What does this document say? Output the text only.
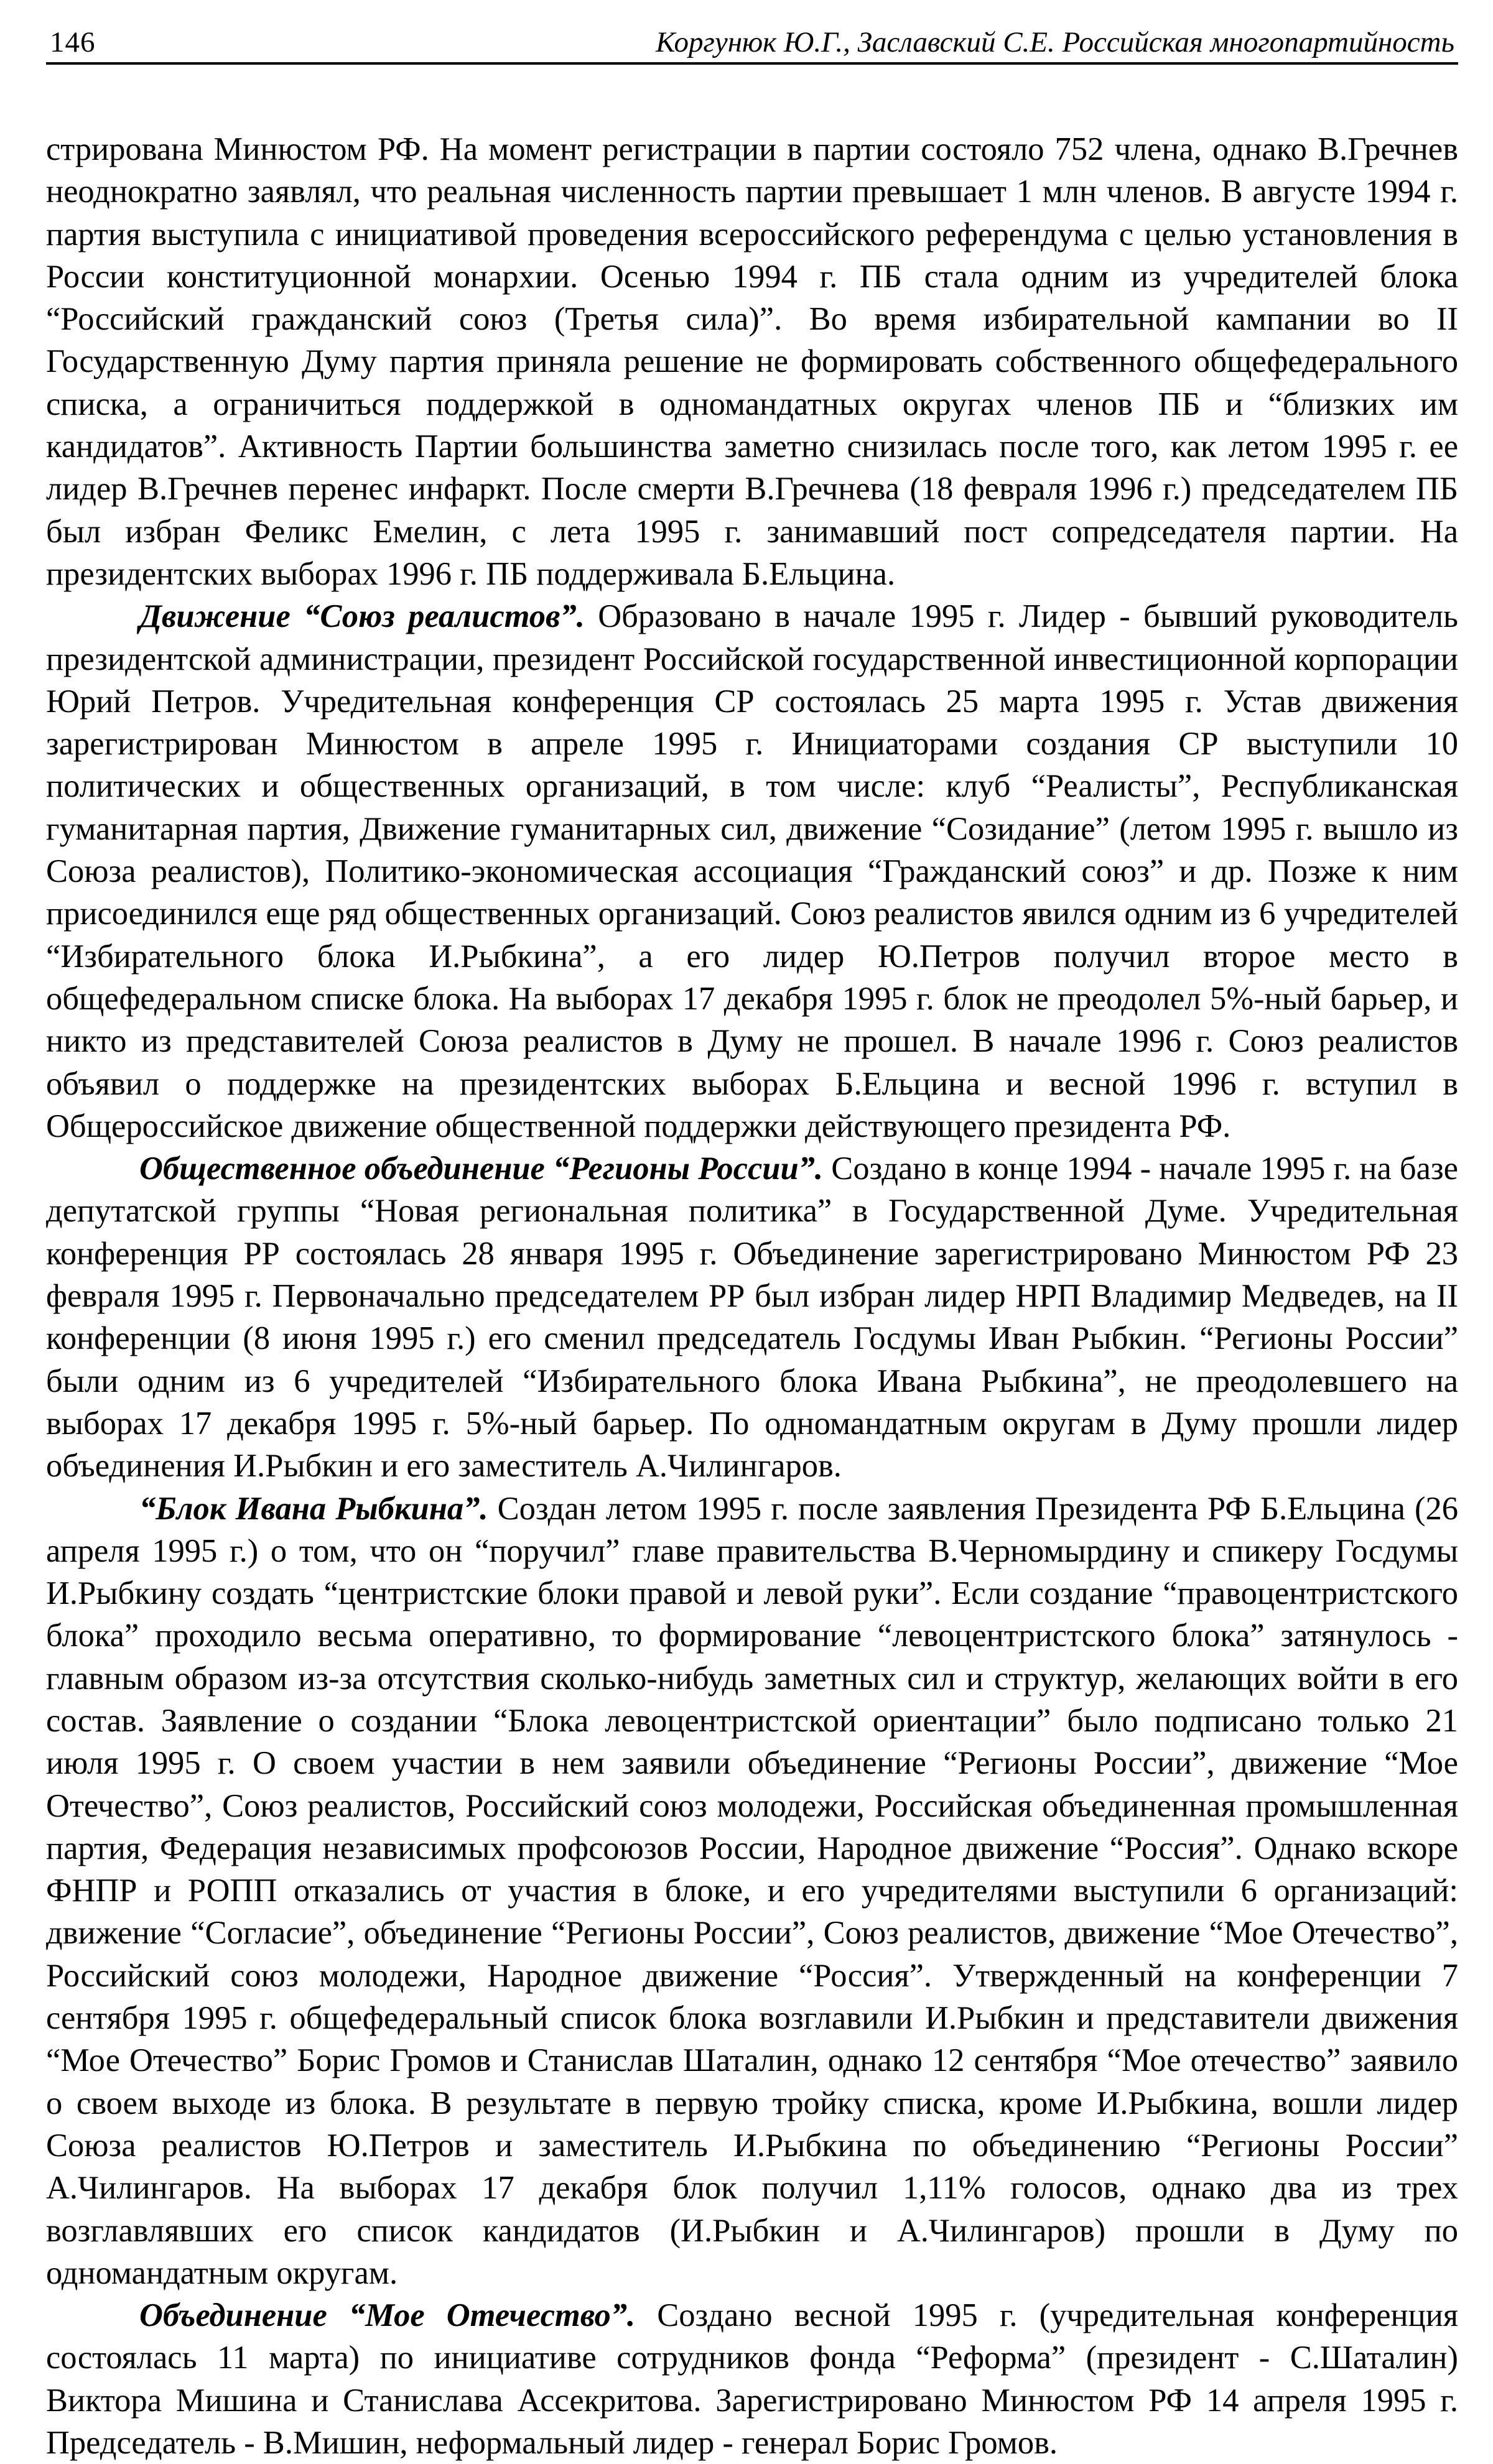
146	Коргунюк Ю.Г., Заславский С.Е. Российская многопартийность

стрирована Минюстом РФ. На момент регистрации в партии состояло 752 члена, однако В.Гречнев неоднократно заявлял, что реальная численность партии превышает 1 млн членов. В августе 1994 г. партия выступила с инициативой проведения всероссийского референдума с целью установления в России конституционной монархии. Осенью 1994 г. ПБ стала одним из учредителей блока “Российский гражданский союз (Третья сила)”. Во время избирательной кампании во II Государственную Думу партия приняла решение не формировать собственного общефедерального списка, а ограничиться поддержкой в одномандатных округах членов ПБ и “близких им кандидатов”. Активность Партии большинства заметно снизилась после того, как летом 1995 г. ее лидер В.Гречнев перенес инфаркт. После смерти В.Гречнева (18 февраля 1996 г.) председателем ПБ был избран Феликс Емелин, с лета 1995 г. занимавший пост сопредседателя партии. На президентских выборах 1996 г. ПБ поддерживала Б.Ельцина.

Движение “Союз реалистов”. Образовано в начале 1995 г. Лидер - бывший руководитель президентской администрации, президент Российской государственной инвестиционной корпорации Юрий Петров. Учредительная конференция СР состоялась 25 марта 1995 г. Устав движения зарегистрирован Минюстом в апреле 1995 г. Инициаторами создания СР выступили 10 политических и общественных организаций, в том числе: клуб “Реалисты”, Республиканская гуманитарная партия, Движение гуманитарных сил, движение “Созидание” (летом 1995 г. вышло из Союза реалистов), Политико-экономическая ассоциация “Гражданский союз” и др. Позже к ним присоединился еще ряд общественных организаций. Союз реалистов явился одним из 6 учредителей “Избирательного блока И.Рыбкина”, а его лидер Ю.Петров получил второе место в общефедеральном списке блока. На выборах 17 декабря 1995 г. блок не преодолел 5%-ный барьер, и никто из представителей Союза реалистов в Думу не прошел. В начале 1996 г. Союз реалистов объявил о поддержке на президентских выборах Б.Ельцина и весной 1996 г. вступил в Общероссийское движение общественной поддержки действующего президента РФ.

Общественное объединение “Регионы России”. Создано в конце 1994 - начале 1995 г. на базе депутатской группы “Новая региональная политика” в Государственной Думе. Учредительная конференция РР состоялась 28 января 1995 г. Объединение зарегистрировано Минюстом РФ 23 февраля 1995 г. Первоначально председателем РР был избран лидер НРП Владимир Медведев, на II конференции (8 июня 1995 г.) его сменил председатель Госдумы Иван Рыбкин. “Регионы России” были одним из 6 учредителей “Избирательного блока Ивана Рыбкина”, не преодолевшего на выборах 17 декабря 1995 г. 5%-ный барьер. По одномандатным округам в Думу прошли лидер объединения И.Рыбкин и его заместитель А.Чилингаров.

“Блок Ивана Рыбкина”. Создан летом 1995 г. после заявления Президента РФ Б.Ельцина (26 апреля 1995 г.) о том, что он “поручил” главе правительства В.Черномырдину и спикеру Госдумы И.Рыбкину создать “центристские блоки правой и левой руки”. Если создание “правоцентристского блока” проходило весьма оперативно, то формирование “левоцентристского блока” затянулось - главным образом из-за отсутствия сколько-нибудь заметных сил и структур, желающих войти в его состав. Заявление о создании “Блока левоцентристской ориентации” было подписано только 21 июля 1995 г. О своем участии в нем заявили объединение “Регионы России”, движение “Мое Отечество”, Союз реалистов, Российский союз молодежи, Российская объединенная промышленная партия, Федерация независимых профсоюзов России, Народное движение “Россия”. Однако вскоре ФНПР и РОПП отказались от участия в блоке, и его учредителями выступили 6 организаций: движение “Согласие”, объединение “Регионы России”, Союз реалистов, движение “Мое Отечество”, Российский союз молодежи, Народное движение “Россия”. Утвержденный на конференции 7 сентября 1995 г. общефедеральный список блока возглавили И.Рыбкин и представители движения “Мое Отечество” Борис Громов и Станислав Шаталин, однако 12 сентября “Мое отечество” заявило о своем выходе из блока. В результате в первую тройку списка, кроме И.Рыбкина, вошли лидер Союза реалистов Ю.Петров и заместитель И.Рыбкина по объединению “Регионы России” А.Чилингаров. На выборах 17 декабря блок получил 1,11% голосов, однако два из трех возглавлявших его список кандидатов (И.Рыбкин и А.Чилингаров) прошли в Думу по одномандатным округам.

Объединение “Мое Отечество”. Создано весной 1995 г. (учредительная конференция состоялась 11 марта) по инициативе сотрудников фонда “Реформа” (президент - С.Шаталин) Виктора Мишина и Станислава Ассекритова. Зарегистрировано Минюстом РФ 14 апреля 1995 г. Председатель - В.Мишин, неформальный лидер - генерал Борис Громов.
